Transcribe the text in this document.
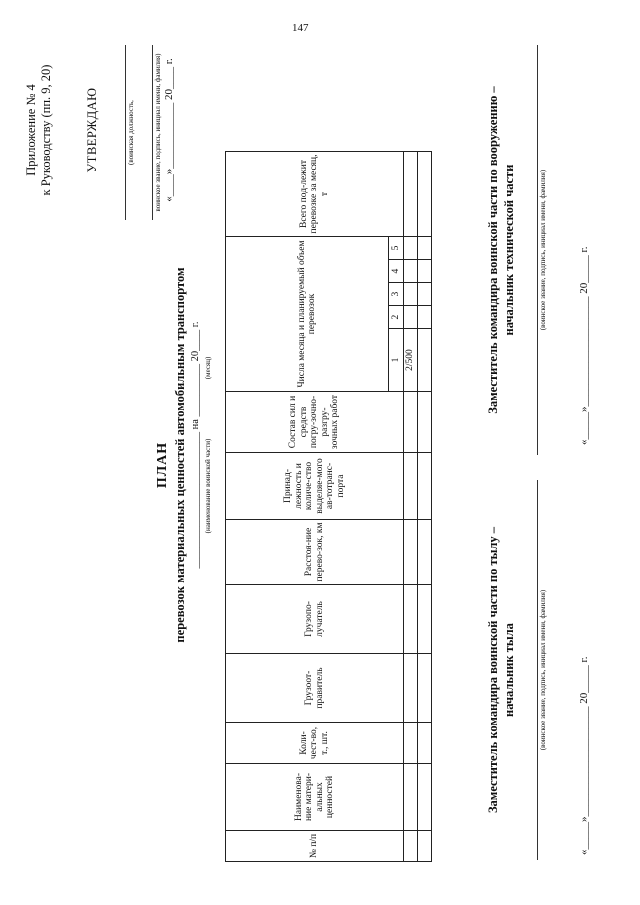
147
Приложение № 4 к Руководству (пп. 9, 20)	УТВЕРЖДАЮ	(воинская должность,	воинское звание, подпись, инициал имени, фамилия) «____»____________ 20____ г.
ПЛАН перевозок материальных ценностей автомобильным транспортом __________________________ на __________ 20____ г. (наименование воинской части)                                  (месяц)
№ п/п	Наименова-ние матери-альных ценностей	Коли-чест-во, т., шт.	Грузоот-правитель	Грузопо-лучатель	Расстоя-ние перево-зок, км	Принад-лежность и количе-ство выделяе-мого ав-тотранс-порта	Состав сил и средств погру-зочно-разгру-зочных работ	Числа месяца и планируемый объем перевозок					Всего под-лежит перевозке за месяц, т
								1	2	3	4	5	
								2/500					

Заместитель командира воинской части по тылу – начальник тыла	(воинское звание, подпись, инициал имени, фамилия)	«_____»____________________ 20_____ г.
Заместитель командира воинской части по вооружению – начальник технической части	(воинское звание, подпись, инициал имени, фамилия)	«_____»____________________ 20_____ г.
